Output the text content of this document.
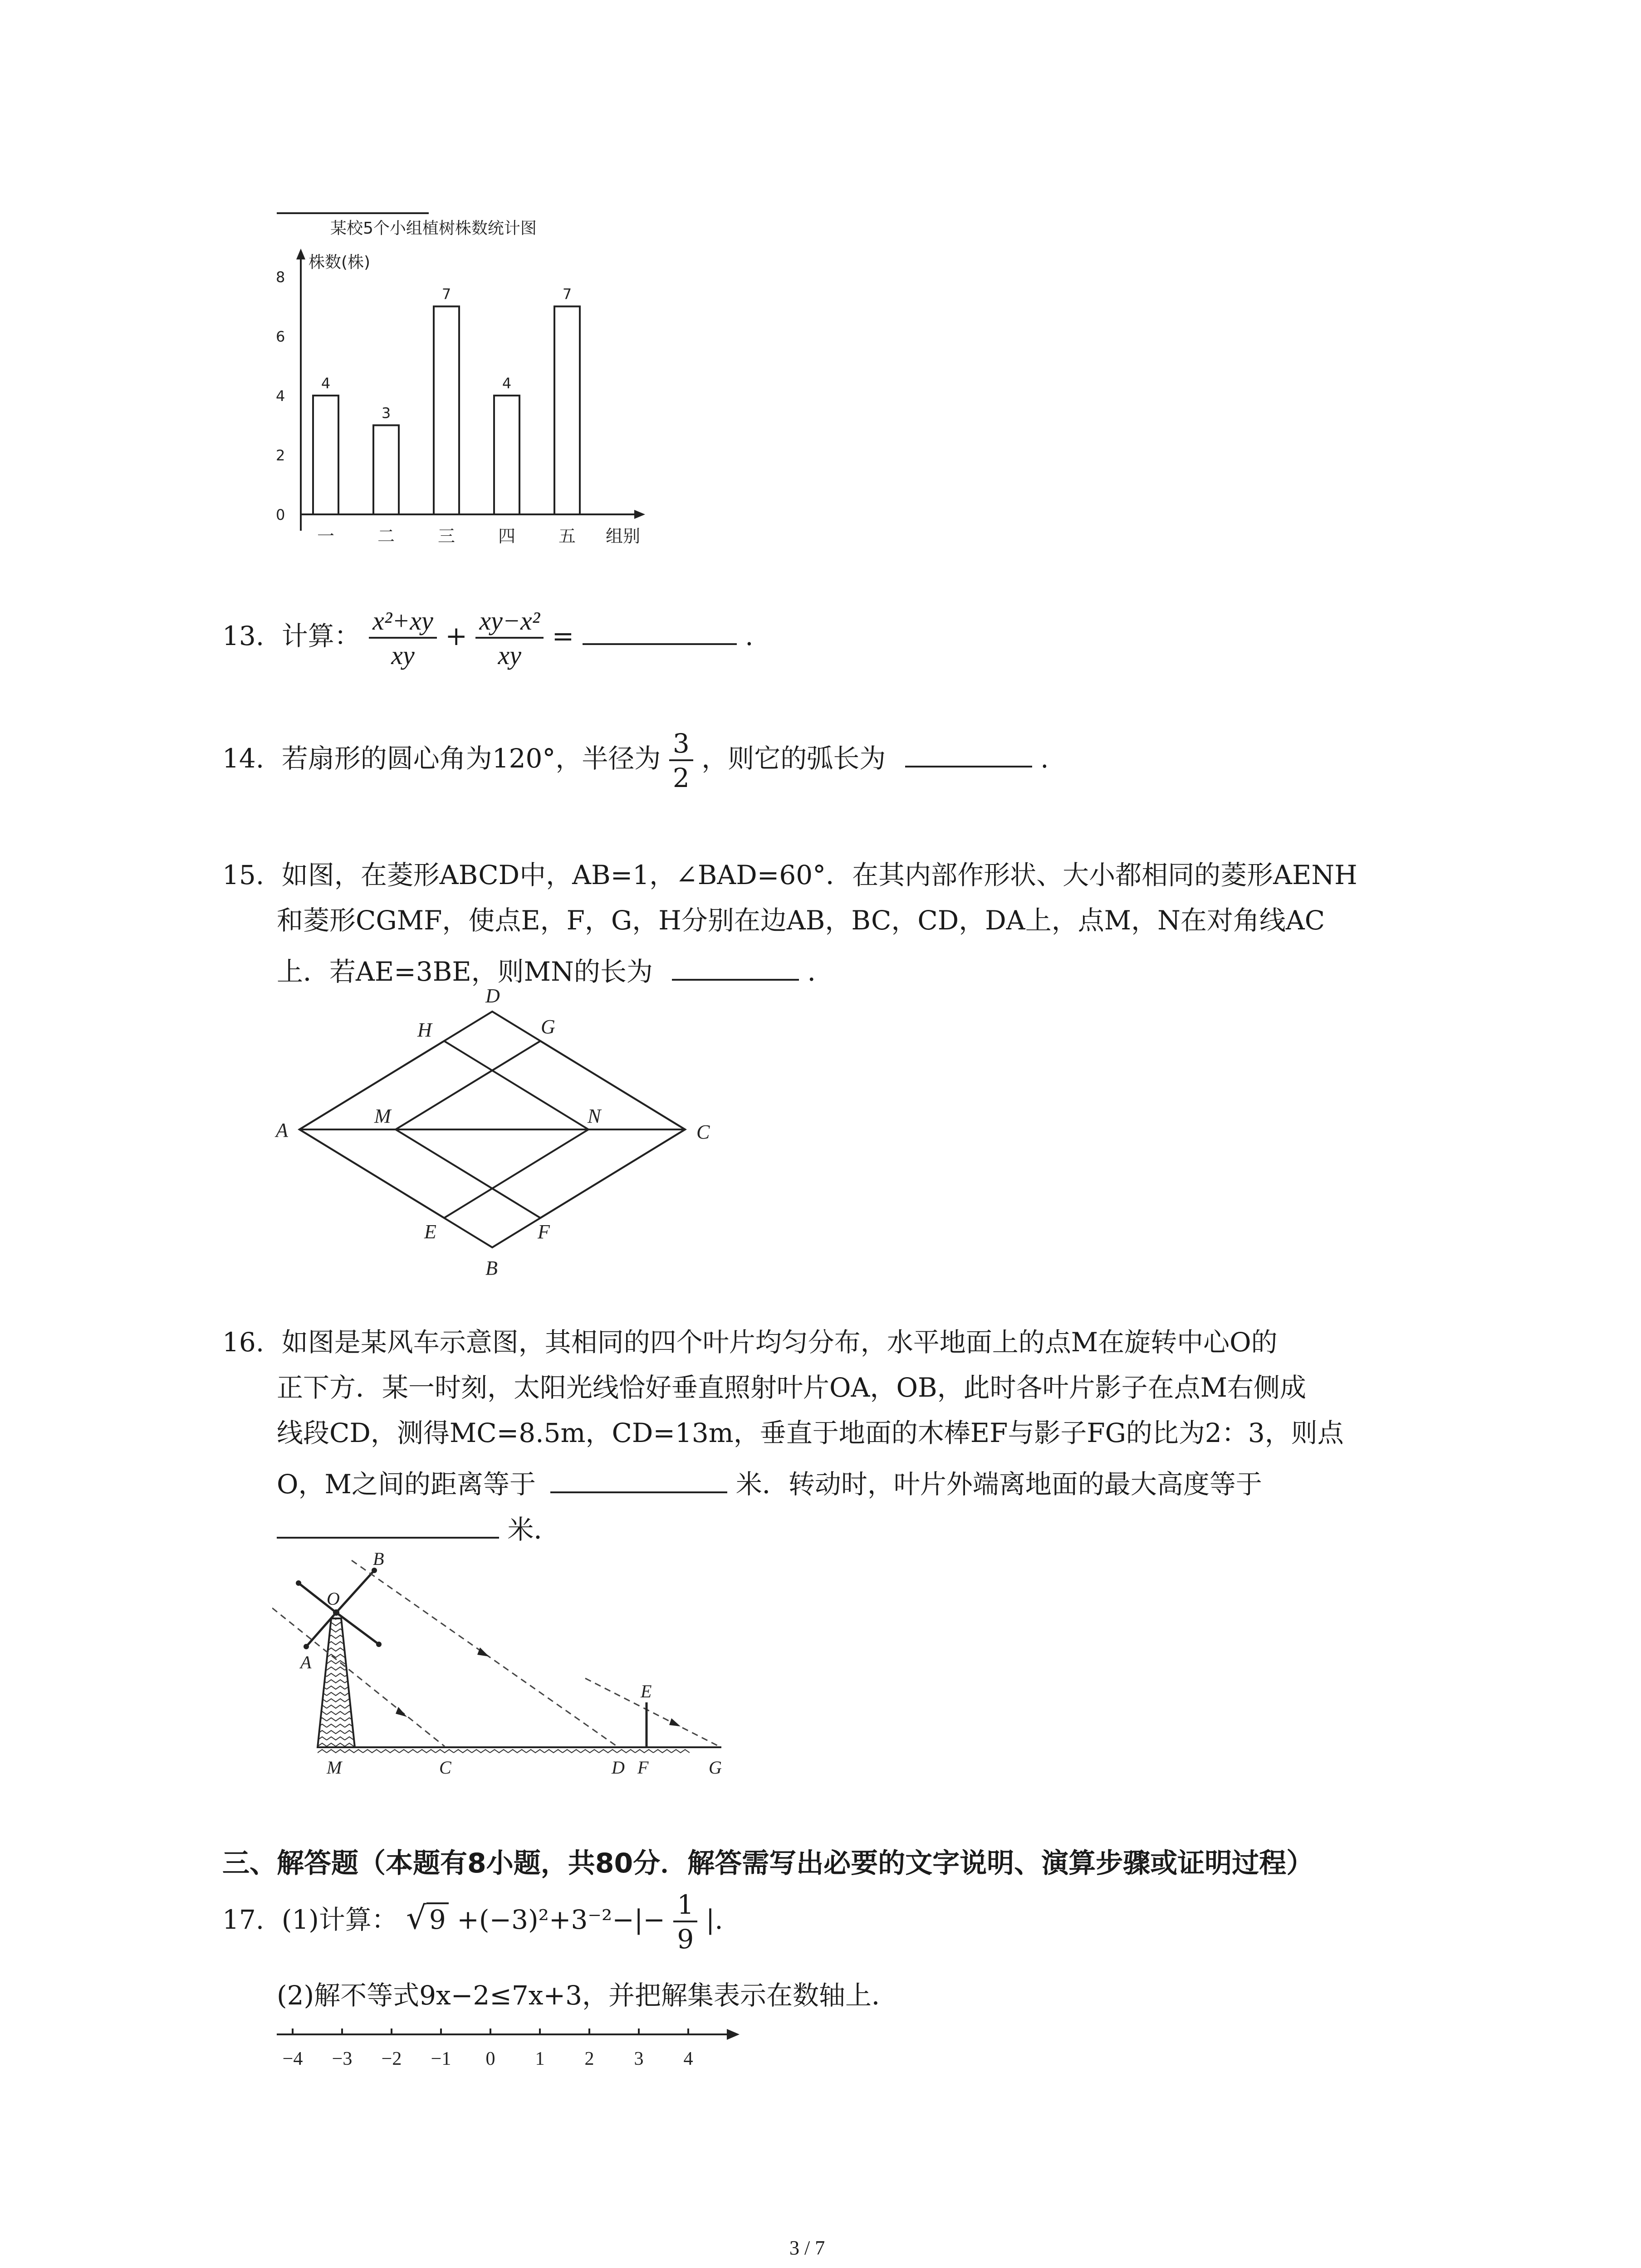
某校5个小组植树株数统计图
株数(株)
组别
0
2
4
6
8
4
一
3
二
7
三
4
四
7
五
13. 计算： $\frac{\text{x²+xy}}{xy} + \frac{\text{xy−x²}}{xy}$ =	.
14. 若扇形的圆心角为120°，半径为 $\frac{3}{2}$ ，则它的弧长为	.
15. 如图，在菱形ABCD中，AB=1，∠BAD=60°．在其内部作形状、大小都相同的菱形AENH
和菱形CGMF，使点E，F，G，H分别在边AB，BC，CD，DA上，点M，N在对角线AC
上．若AE=3BE，则MN的长为	．
A
B
C
D
E	F
G
H
M	N
16. 如图是某风车示意图，其相同的四个叶片均匀分布，水平地面上的点M在旋转中心O的
正下方．某一时刻，太阳光线恰好垂直照射叶片OA，OB，此时各叶片影子在点M右侧成
线段CD，测得MC=8.5m，CD=13m，垂直于地面的木棒EF与影子FG的比为2：3，则点
O，M之间的距离等于	米．转动时，叶片外端离地面的最大高度等于
米．
B
O
A
M	C	D F	G
E
三、解答题（本题有8小题，共80分．解答需写出必要的文字说明、演算步骤或证明过程）
17. (1)计算： √ $9 +(-3)^2+3^{-2}-|- \frac{1}{9}$ |.
(2)解不等式9x−2≤7x+3，并把解集表示在数轴上．
−4 −3 −2 −1 0 1 2 3 4
3 / 7
